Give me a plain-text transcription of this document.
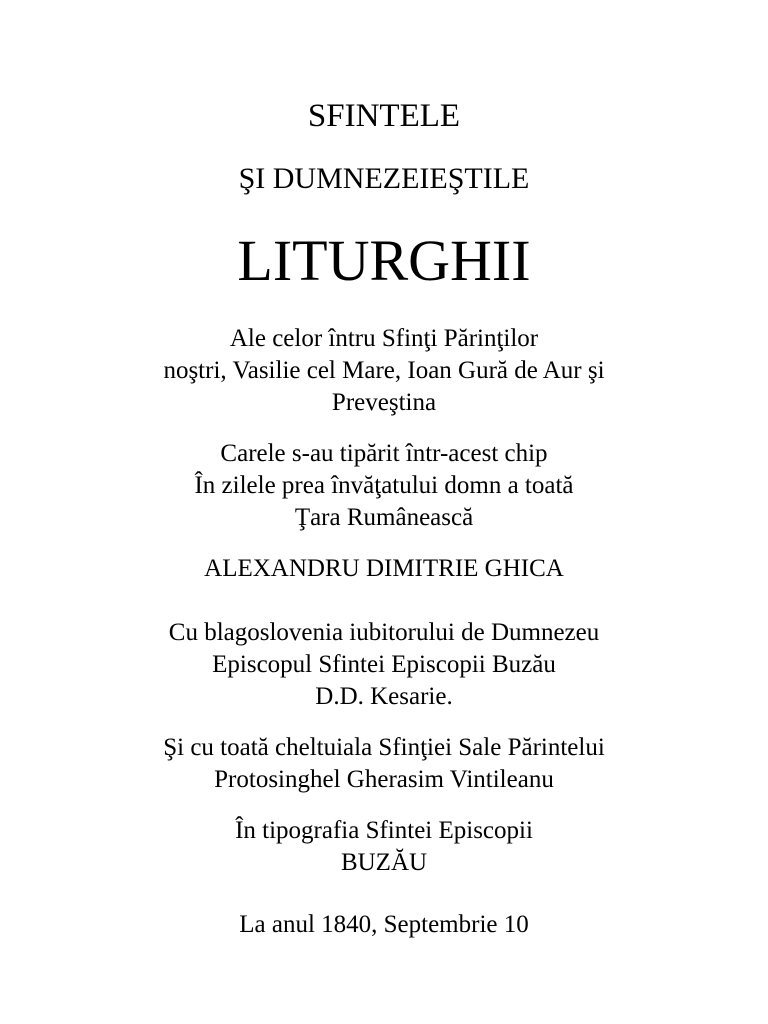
SFINTELE
ŞI DUMNEZEIEŞTILE
LITURGHII
Ale celor întru Sfinţi Părinţilor
noştri, Vasilie cel Mare, Ioan Gură de Aur şi
Preveştina
Carele s-au tipărit într-acest chip
În zilele prea învăţatului domn a toată
Ţara Rumânească
ALEXANDRU DIMITRIE GHICA
Cu blagoslovenia iubitorului de Dumnezeu
Episcopul Sfintei Episcopii Buzău
D.D. Kesarie.
Şi cu toată cheltuiala Sfinţiei Sale Părintelui
Protosinghel Gherasim Vintileanu
În tipografia Sfintei Episcopii
BUZĂU
La anul 1840, Septembrie 10
